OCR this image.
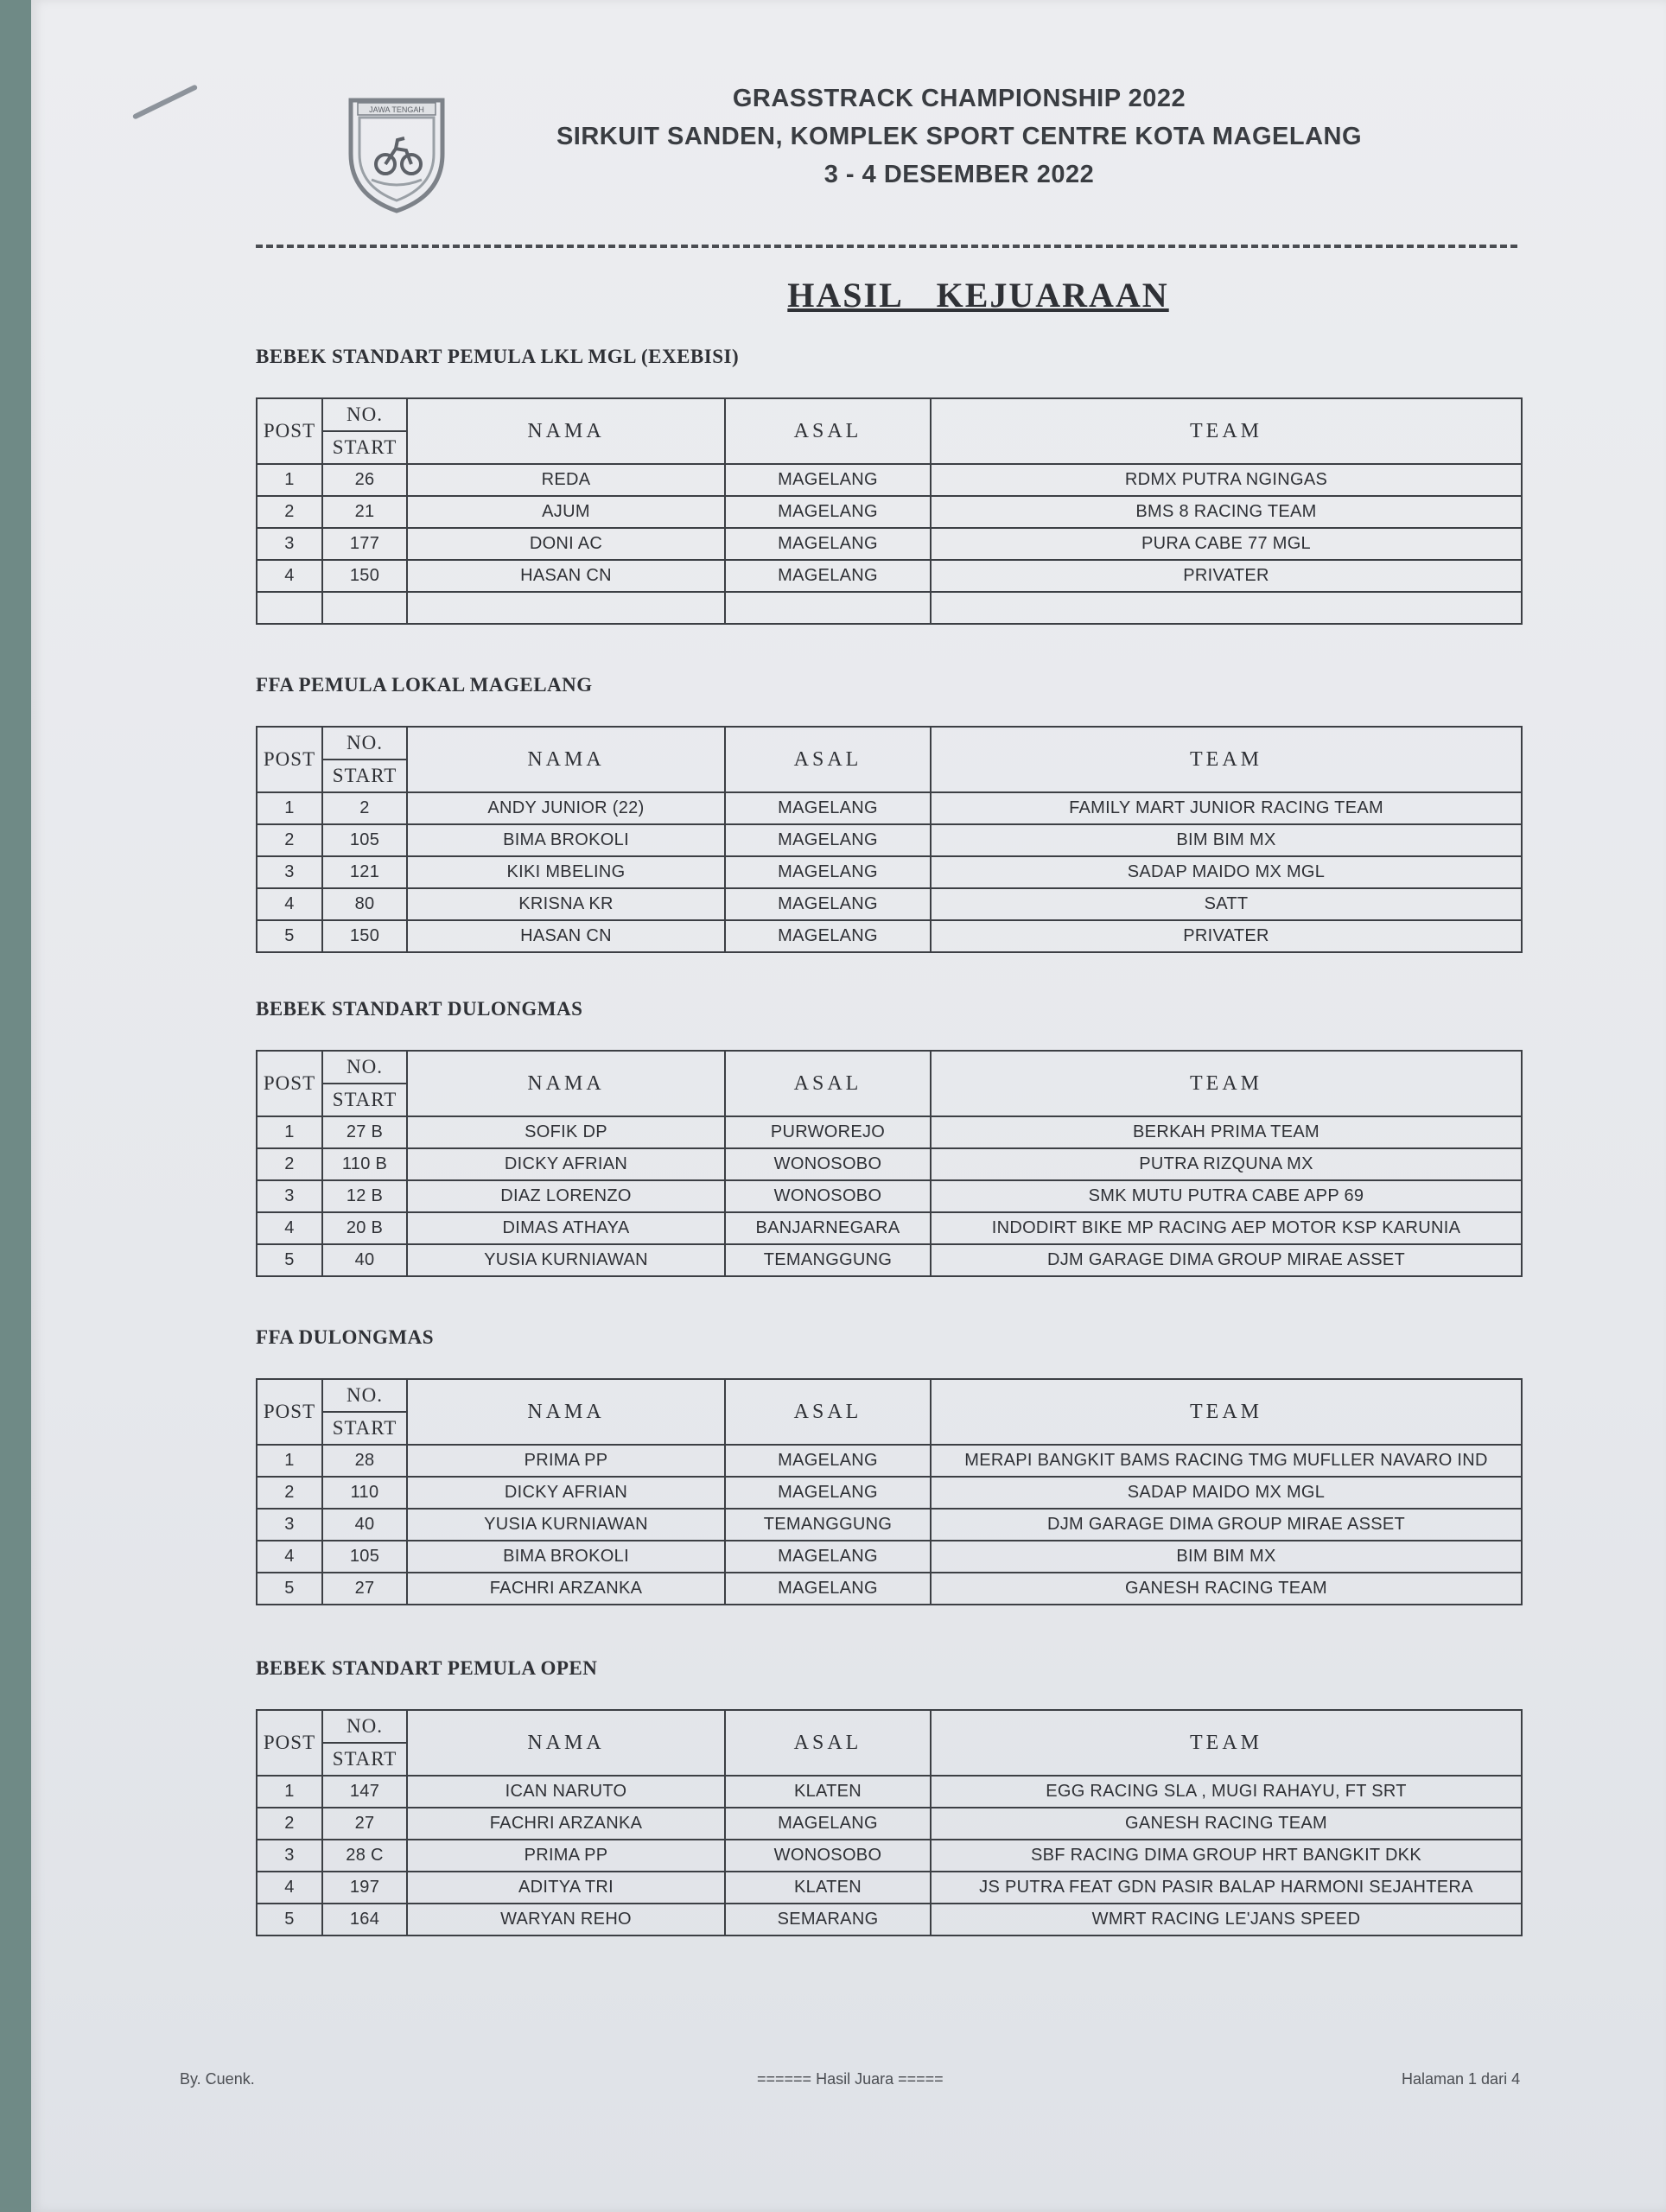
JAWA TENGAH	GRASSTRACK CHAMPIONSHIP 2022
SIRKUIT SANDEN, KOMPLEK SPORT CENTRE KOTA MAGELANG
3 - 4 DESEMBER 2022
HASIL KEJUARAAN
BEBEK STANDART PEMULA LKL MGL (EXEBISI)
POST	NO.	NAMA	ASAL	TEAM
	START			
1	26	REDA	MAGELANG	RDMX PUTRA NGINGAS
2	21	AJUM	MAGELANG	BMS 8 RACING TEAM
3	177	DONI AC	MAGELANG	PURA CABE 77 MGL
4	150	HASAN CN	MAGELANG	PRIVATER

FFA PEMULA LOKAL MAGELANG
POST	NO.	NAMA	ASAL	TEAM
	START			
1	2	ANDY JUNIOR (22)	MAGELANG	FAMILY MART JUNIOR RACING TEAM
2	105	BIMA BROKOLI	MAGELANG	BIM BIM MX
3	121	KIKI MBELING	MAGELANG	SADAP MAIDO MX MGL
4	80	KRISNA KR	MAGELANG	SATT
5	150	HASAN CN	MAGELANG	PRIVATER
BEBEK STANDART DULONGMAS
POST	NO.	NAMA	ASAL	TEAM
	START			
1	27 B	SOFIK DP	PURWOREJO	BERKAH PRIMA TEAM
2	110 B	DICKY AFRIAN	WONOSOBO	PUTRA RIZQUNA MX
3	12 B	DIAZ LORENZO	WONOSOBO	SMK MUTU PUTRA CABE APP 69
4	20 B	DIMAS ATHAYA	BANJARNEGARA	INDODIRT BIKE MP RACING AEP MOTOR KSP KARUNIA
5	40	YUSIA KURNIAWAN	TEMANGGUNG	DJM GARAGE DIMA GROUP MIRAE ASSET
FFA DULONGMAS
POST	NO.	NAMA	ASAL	TEAM
	START			
1	28	PRIMA PP	MAGELANG	MERAPI BANGKIT BAMS RACING TMG MUFLLER NAVARO IND
2	110	DICKY AFRIAN	MAGELANG	SADAP MAIDO MX MGL
3	40	YUSIA KURNIAWAN	TEMANGGUNG	DJM GARAGE DIMA GROUP MIRAE ASSET
4	105	BIMA BROKOLI	MAGELANG	BIM BIM MX
5	27	FACHRI ARZANKA	MAGELANG	GANESH RACING TEAM
BEBEK STANDART PEMULA OPEN
POST	NO.	NAMA	ASAL	TEAM
	START			
1	147	ICAN NARUTO	KLATEN	EGG RACING SLA , MUGI RAHAYU, FT SRT
2	27	FACHRI ARZANKA	MAGELANG	GANESH RACING TEAM
3	28 C	PRIMA PP	WONOSOBO	SBF RACING DIMA GROUP HRT BANGKIT DKK
4	197	ADITYA TRI	KLATEN	JS PUTRA FEAT GDN PASIR BALAP HARMONI SEJAHTERA
5	164	WARYAN REHO	SEMARANG	WMRT RACING LE'JANS SPEED
By. Cuenk.	====== Hasil Juara =====	Halaman 1 dari 4
